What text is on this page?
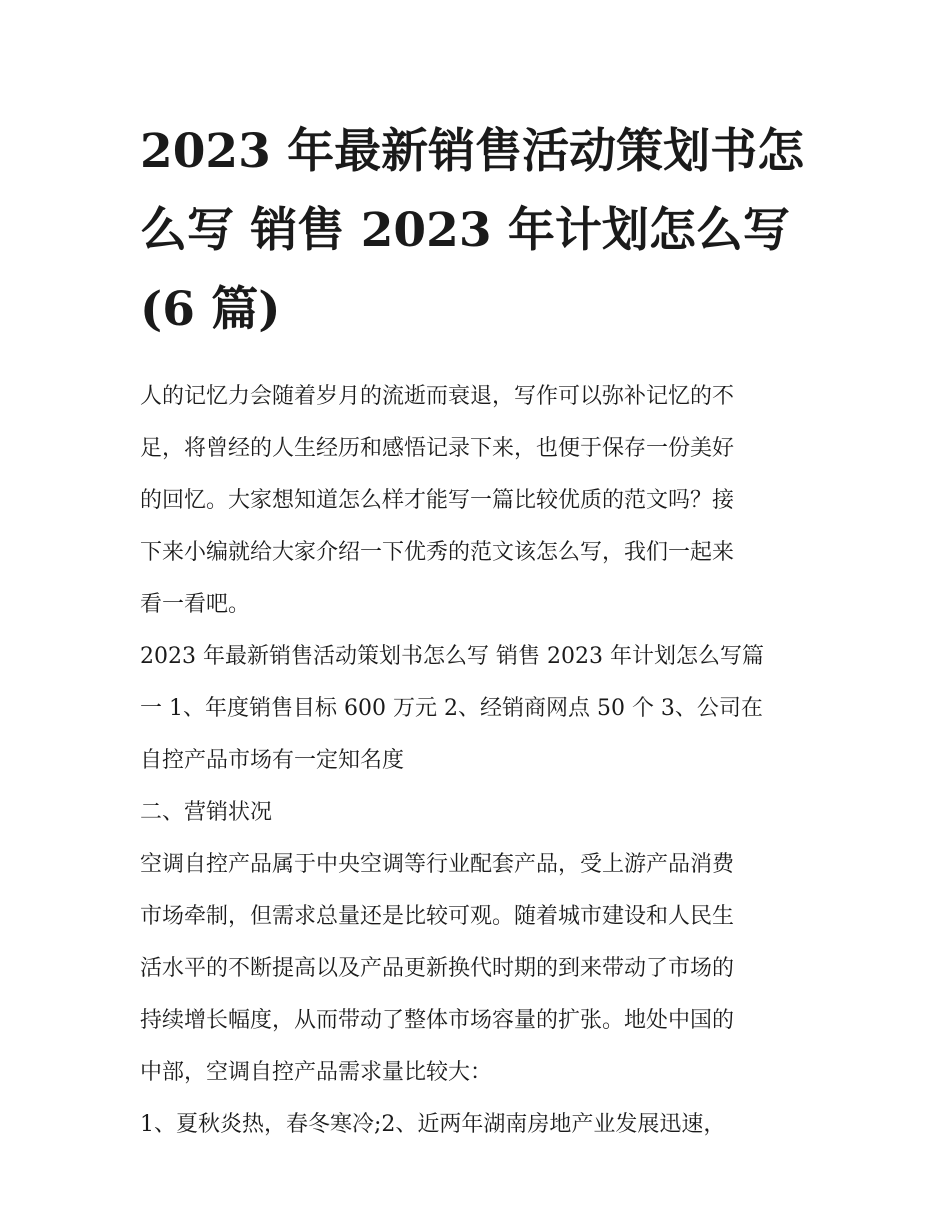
2023 年最新销售活动策划书怎
么写 销售 2023 年计划怎么写
(6 篇)

人的记忆力会随着岁月的流逝而衰退，写作可以弥补记忆的不
足，将曾经的人生经历和感悟记录下来，也便于保存一份美好
的回忆。大家想知道怎么样才能写一篇比较优质的范文吗？接
下来小编就给大家介绍一下优秀的范文该怎么写，我们一起来
看一看吧。

2023 年最新销售活动策划书怎么写 销售 2023 年计划怎么写篇
一 1、年度销售目标 600 万元 2、经销商网点 50 个 3、公司在
自控产品市场有一定知名度

二、营销状况

空调自控产品属于中央空调等行业配套产品，受上游产品消费
市场牵制，但需求总量还是比较可观。随着城市建设和人民生
活水平的不断提高以及产品更新换代时期的到来带动了市场的
持续增长幅度，从而带动了整体市场容量的扩张。地处中国的
中部，空调自控产品需求量比较大：

1、夏秋炎热，春冬寒冷;2、近两年湖南房地产业发展迅速，
